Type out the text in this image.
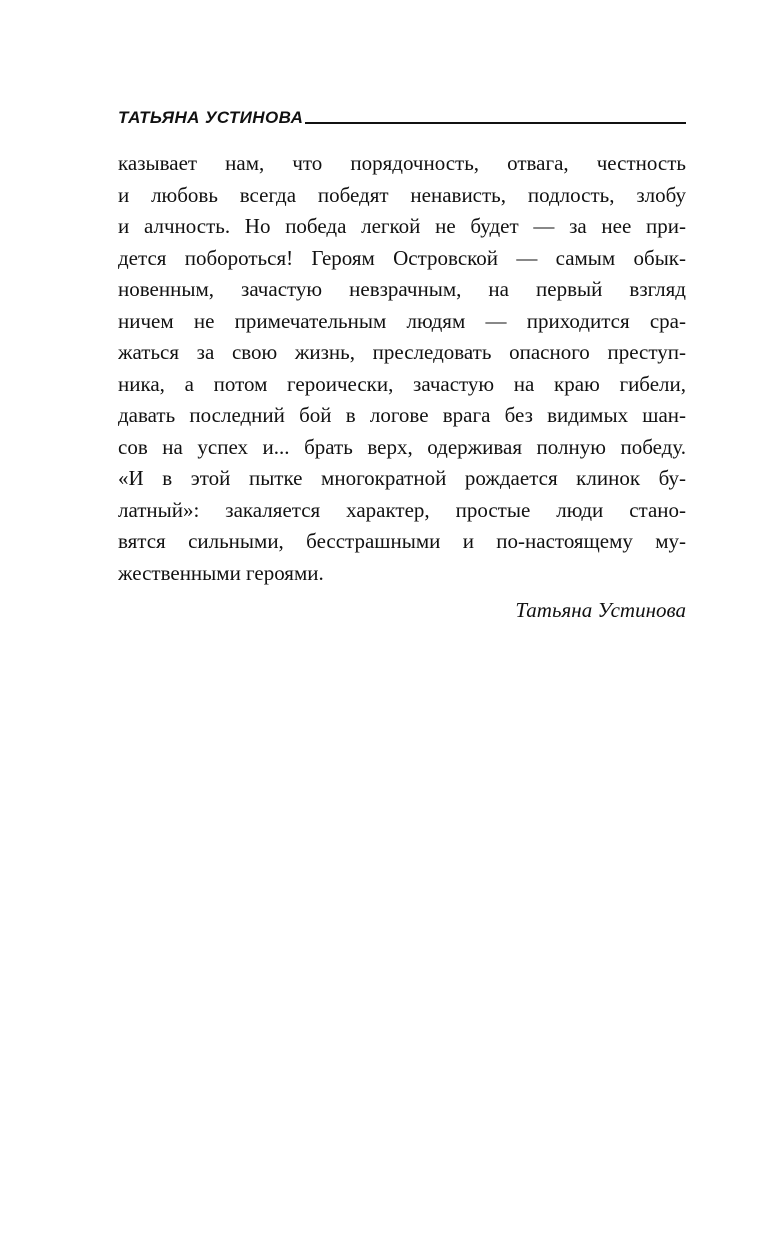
ТАТЬЯНА УСТИНОВА
казывает нам, что порядочность, отвага, честность
и любовь всегда победят ненависть, подлость, злобу
и алчность. Но победа легкой не будет — за нее при-
дется побороться! Героям Островской — самым обык-
новенным, зачастую невзрачным, на первый взгляд
ничем не примечательным людям — приходится сра-
жаться за свою жизнь, преследовать опасного преступ-
ника, а потом героически, зачастую на краю гибели,
давать последний бой в логове врага без видимых шан-
сов на успех и... брать верх, одерживая полную победу.
«И в этой пытке многократной рождается клинок бу-
латный»: закаляется характер, простые люди стано-
вятся сильными, бесстрашными и по-настоящему му-
жественными героями.
Татьяна Устинова
